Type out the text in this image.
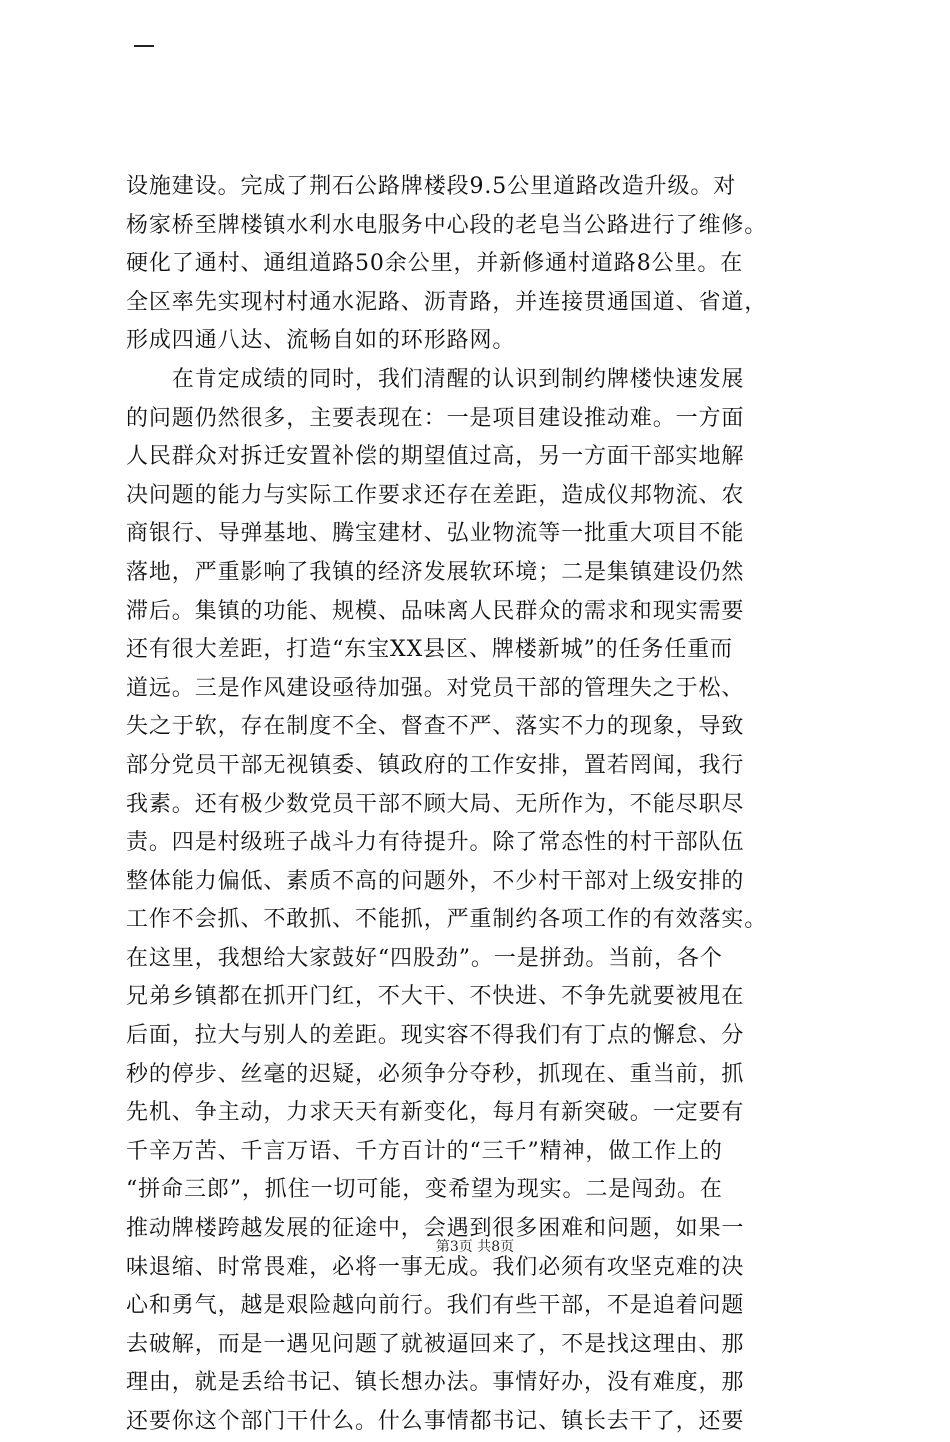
设施建设。完成了荆石公路牌楼段9.5公里道路改造升级。对
杨家桥至牌楼镇水利水电服务中心段的老皂当公路进行了维修。
硬化了通村、通组道路50余公里，并新修通村道路8公里。在
全区率先实现村村通水泥路、沥青路，并连接贯通国道、省道，
形成四通八达、流畅自如的环形路网。
　　在肯定成绩的同时，我们清醒的认识到制约牌楼快速发展
的问题仍然很多，主要表现在：一是项目建设推动难。一方面
人民群众对拆迁安置补偿的期望值过高，另一方面干部实地解
决问题的能力与实际工作要求还存在差距，造成仪邦物流、农
商银行、导弹基地、腾宝建材、弘业物流等一批重大项目不能
落地，严重影响了我镇的经济发展软环境；二是集镇建设仍然
滞后。集镇的功能、规模、品味离人民群众的需求和现实需要
还有很大差距，打造“东宝XX县区、牌楼新城”的任务任重而
道远。三是作风建设亟待加强。对党员干部的管理失之于松、
失之于软，存在制度不全、督查不严、落实不力的现象，导致
部分党员干部无视镇委、镇政府的工作安排，置若罔闻，我行
我素。还有极少数党员干部不顾大局、无所作为，不能尽职尽
责。四是村级班子战斗力有待提升。除了常态性的村干部队伍
整体能力偏低、素质不高的问题外，不少村干部对上级安排的
工作不会抓、不敢抓、不能抓，严重制约各项工作的有效落实。
在这里，我想给大家鼓好“四股劲”。一是拼劲。当前，各个
兄弟乡镇都在抓开门红，不大干、不快进、不争先就要被甩在
后面，拉大与别人的差距。现实容不得我们有丁点的懈怠、分
秒的停步、丝毫的迟疑，必须争分夺秒，抓现在、重当前，抓
先机、争主动，力求天天有新变化，每月有新突破。一定要有
千辛万苦、千言万语、千方百计的“三千”精神，做工作上的
“拼命三郎”，抓住一切可能，变希望为现实。二是闯劲。在
推动牌楼跨越发展的征途中，会遇到很多困难和问题，如果一
味退缩、时常畏难，必将一事无成。我们必须有攻坚克难的决
心和勇气，越是艰险越向前行。我们有些干部，不是追着问题
去破解，而是一遇见问题了就被逼回来了，不是找这理由、那
理由，就是丢给书记、镇长想办法。事情好办，没有难度，那
还要你这个部门干什么。什么事情都书记、镇长去干了，还要
第3页 共8页
